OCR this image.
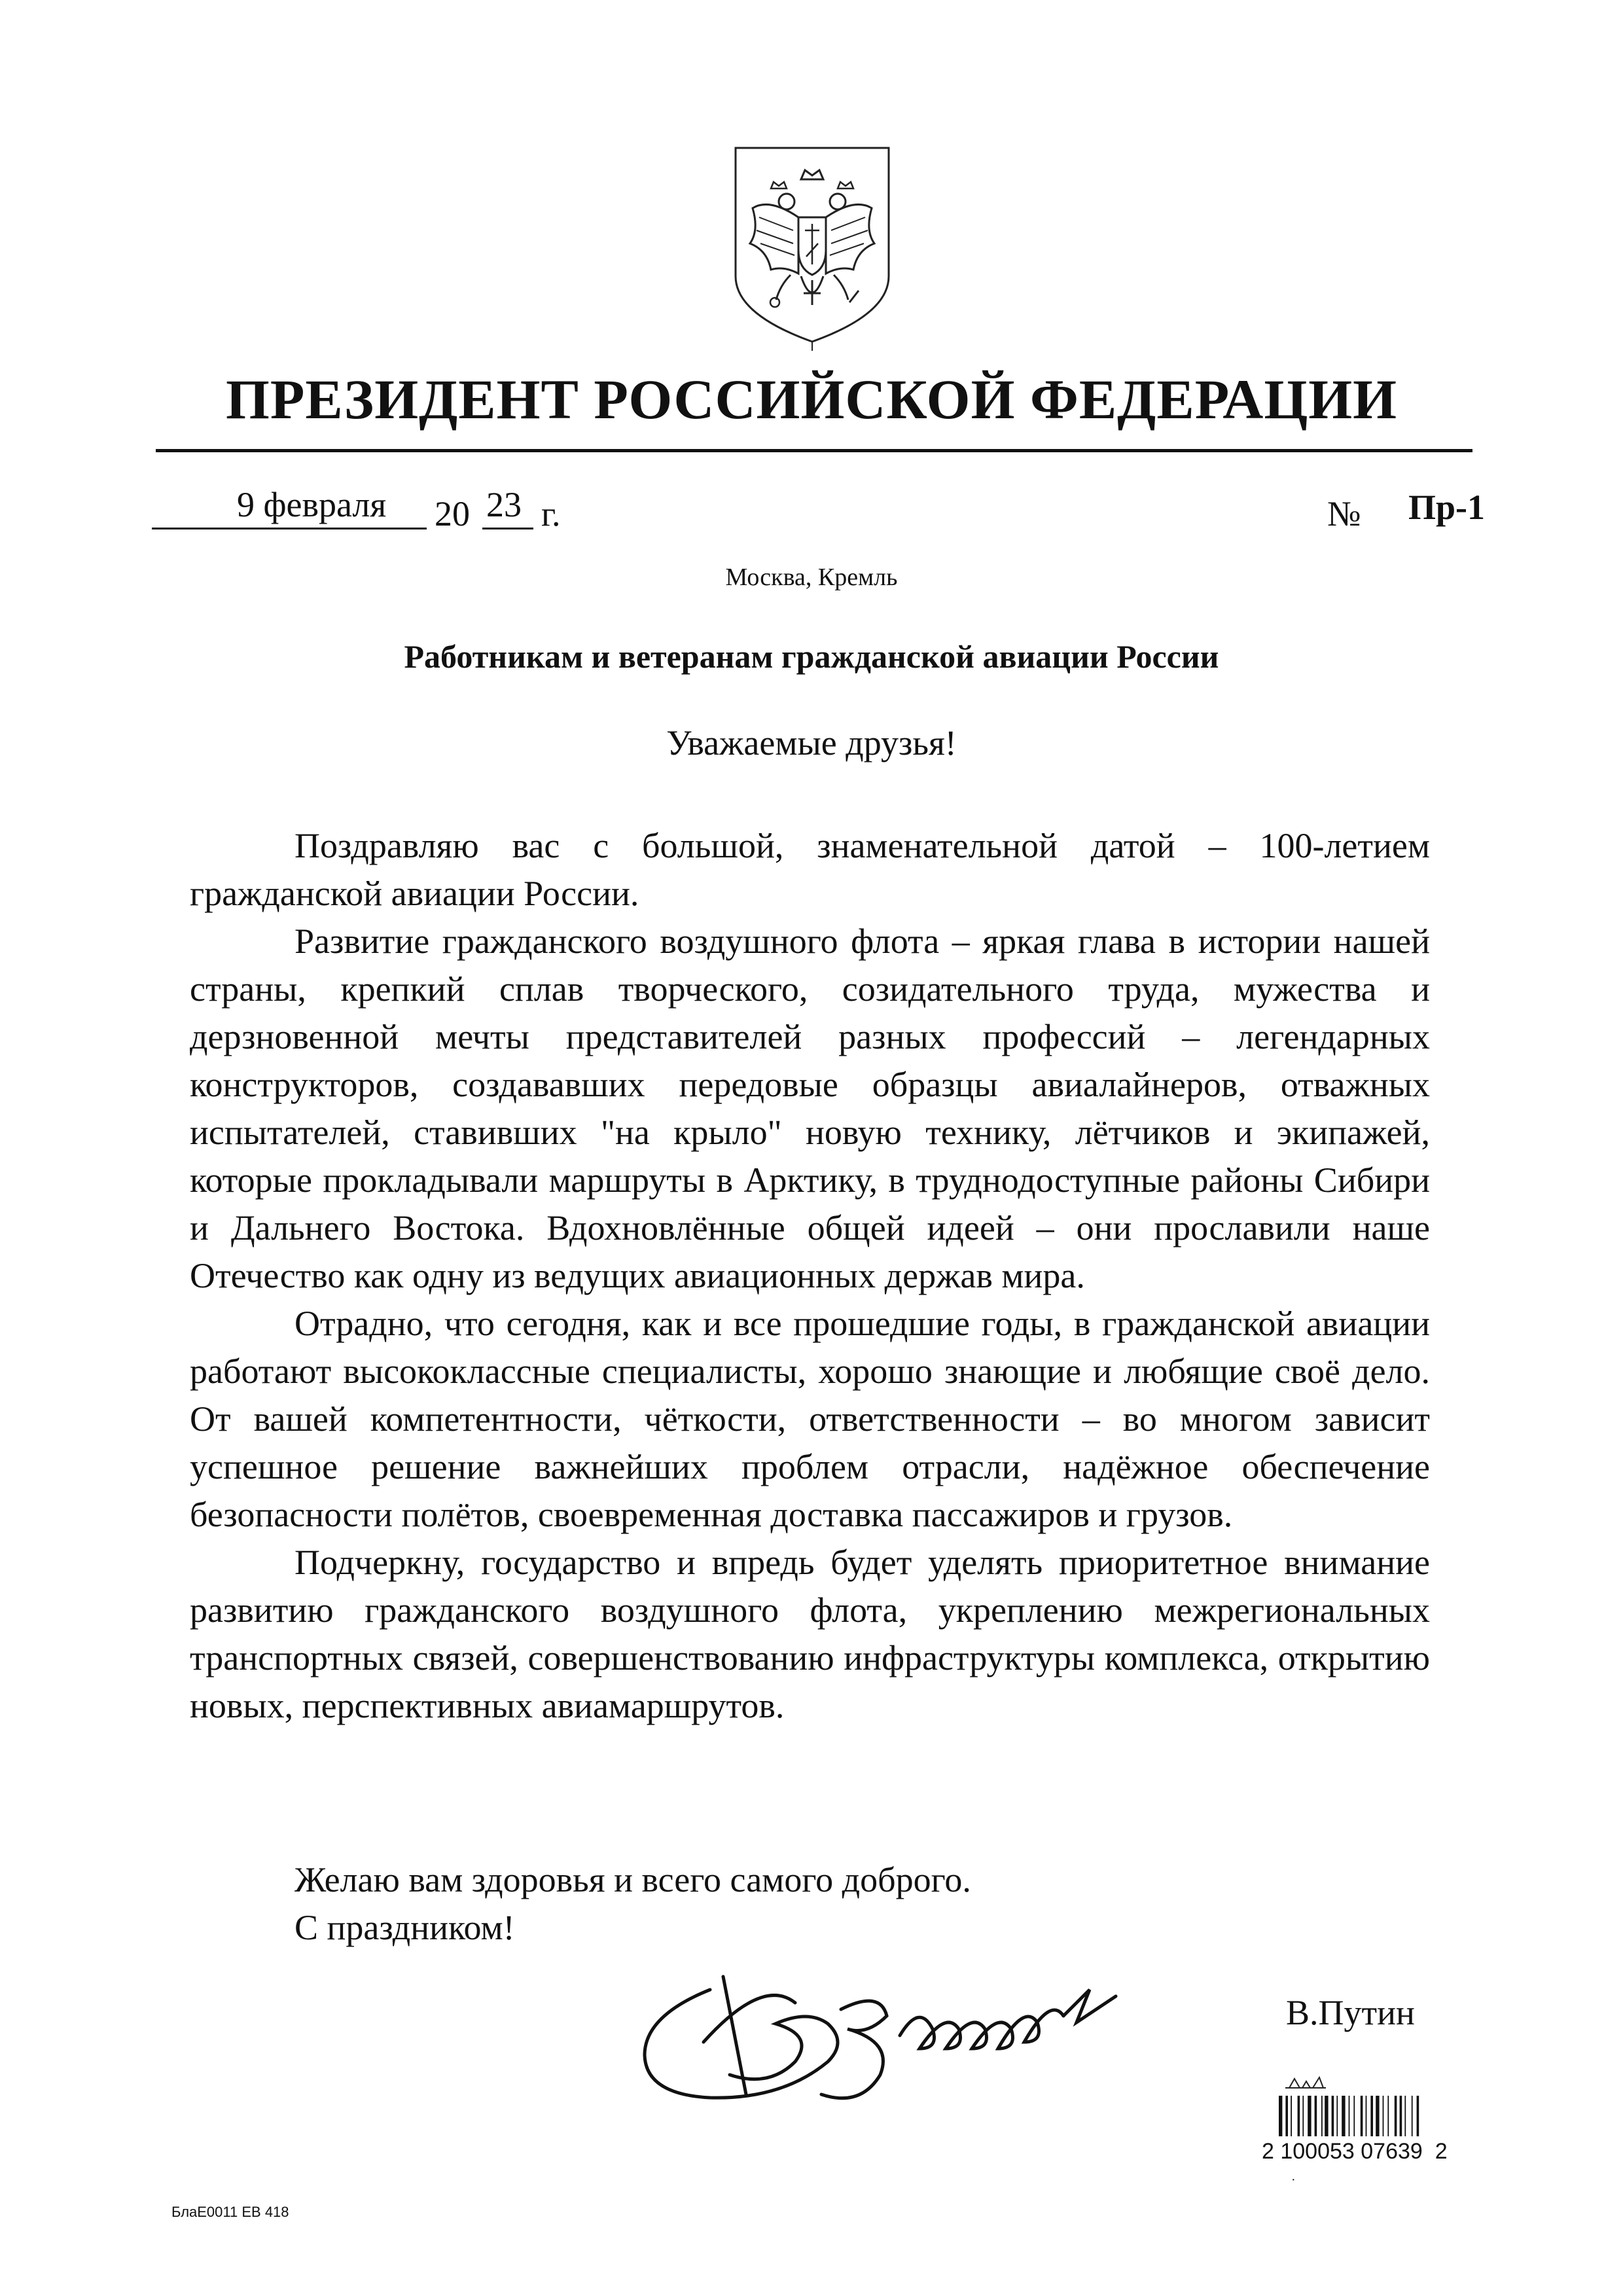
ПРЕЗИДЕНТ РОССИЙСКОЙ ФЕДЕРАЦИИ
9 февраля 20 23 г.	№ Пр-1
Москва, Кремль
Работникам и ветеранам гражданской авиации России
Уважаемые друзья!

Поздравляю вас с большой, знаменательной датой – 100-летием гражданской авиации России.

Развитие гражданского воздушного флота – яркая глава в истории нашей страны, крепкий сплав творческого, созидательного труда, мужества и дерзновенной мечты представителей разных профессий – легендарных конструкторов, создававших передовые образцы авиалайнеров, отважных испытателей, ставивших "на крыло" новую технику, лётчиков и экипажей, которые прокладывали маршруты в Арктику, в труднодоступные районы Сибири и Дальнего Востока. Вдохновлённые общей идеей – они прославили наше Отечество как одну из ведущих авиационных держав мира.

Отрадно, что сегодня, как и все прошедшие годы, в гражданской авиации работают высококлассные специалисты, хорошо знающие и любящие своё дело. От вашей компетентности, чёткости, ответственности – во многом зависит успешное решение важнейших проблем отрасли, надёжное обеспечение безопасности полётов, своевременная доставка пассажиров и грузов.

Подчеркну, государство и впредь будет уделять приоритетное внимание развитию гражданского воздушного флота, укреплению межрегиональных транспортных связей, совершенствованию инфраструктуры комплекса, открытию новых, перспективных авиамаршрутов.

Желаю вам здоровья и всего самого доброго.
С праздником!
В.Путин
2 100053 07639  2
·
БлаЕ0011 ЕВ 418
